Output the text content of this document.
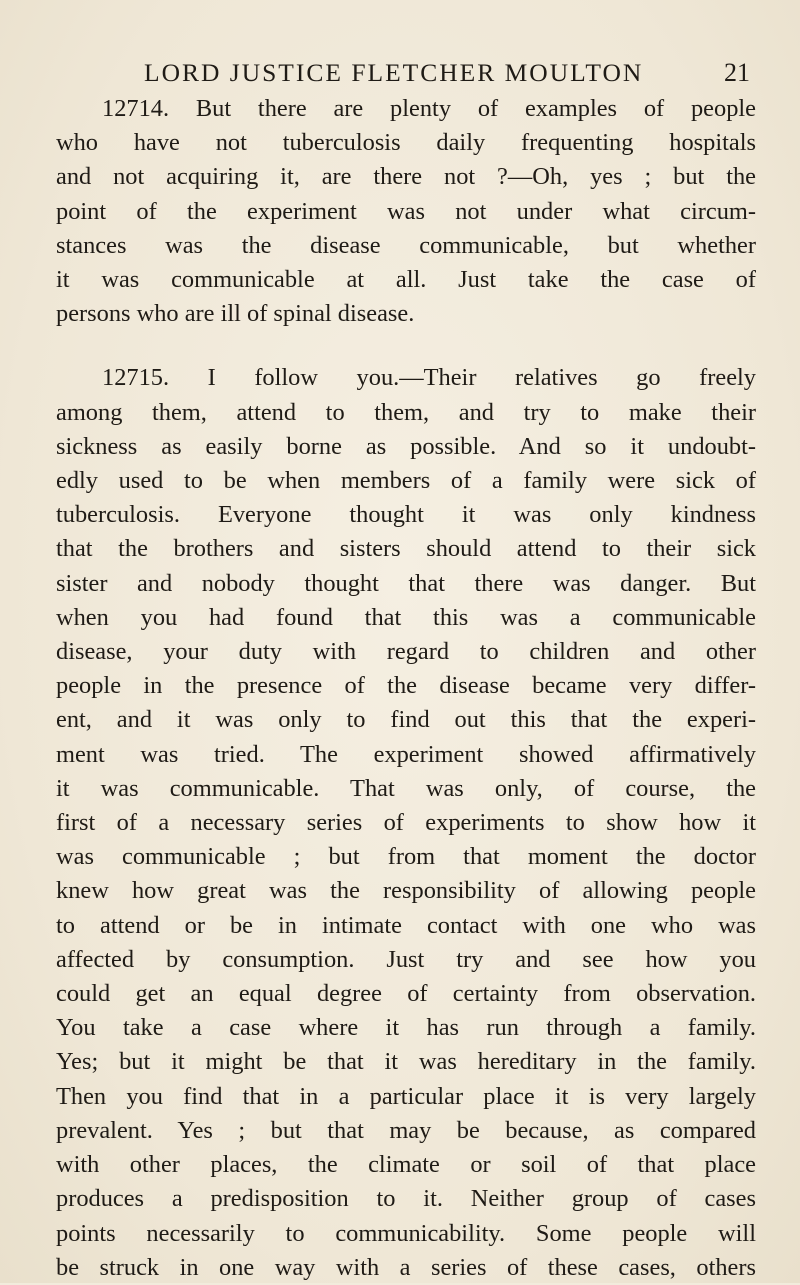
LORD JUSTICE FLETCHER MOULTON	21

12714. But there are plenty of examples of people
who have not tuberculosis daily frequenting hospitals
and not acquiring it, are there not ?—Oh, yes ; but the
point of the experiment was not under what circum-
stances was the disease communicable, but whether
it was communicable at all. Just take the case of
persons who are ill of spinal disease.

12715. I follow you.—Their relatives go freely
among them, attend to them, and try to make their
sickness as easily borne as possible. And so it undoubt-
edly used to be when members of a family were sick of
tuberculosis. Everyone thought it was only kindness
that the brothers and sisters should attend to their sick
sister and nobody thought that there was danger. But
when you had found that this was a communicable
disease, your duty with regard to children and other
people in the presence of the disease became very differ-
ent, and it was only to find out this that the experi-
ment was tried. The experiment showed affirmatively
it was communicable. That was only, of course, the
first of a necessary series of experiments to show how it
was communicable ; but from that moment the doctor
knew how great was the responsibility of allowing people
to attend or be in intimate contact with one who was
affected by consumption. Just try and see how you
could get an equal degree of certainty from observation.
You take a case where it has run through a family.
Yes; but it might be that it was hereditary in the family.
Then you find that in a particular place it is very largely
prevalent. Yes ; but that may be because, as compared
with other places, the climate or soil of that place
produces a predisposition to it. Neither group of cases
points necessarily to communicability. Some people will
be struck in one way with a series of these cases, others
